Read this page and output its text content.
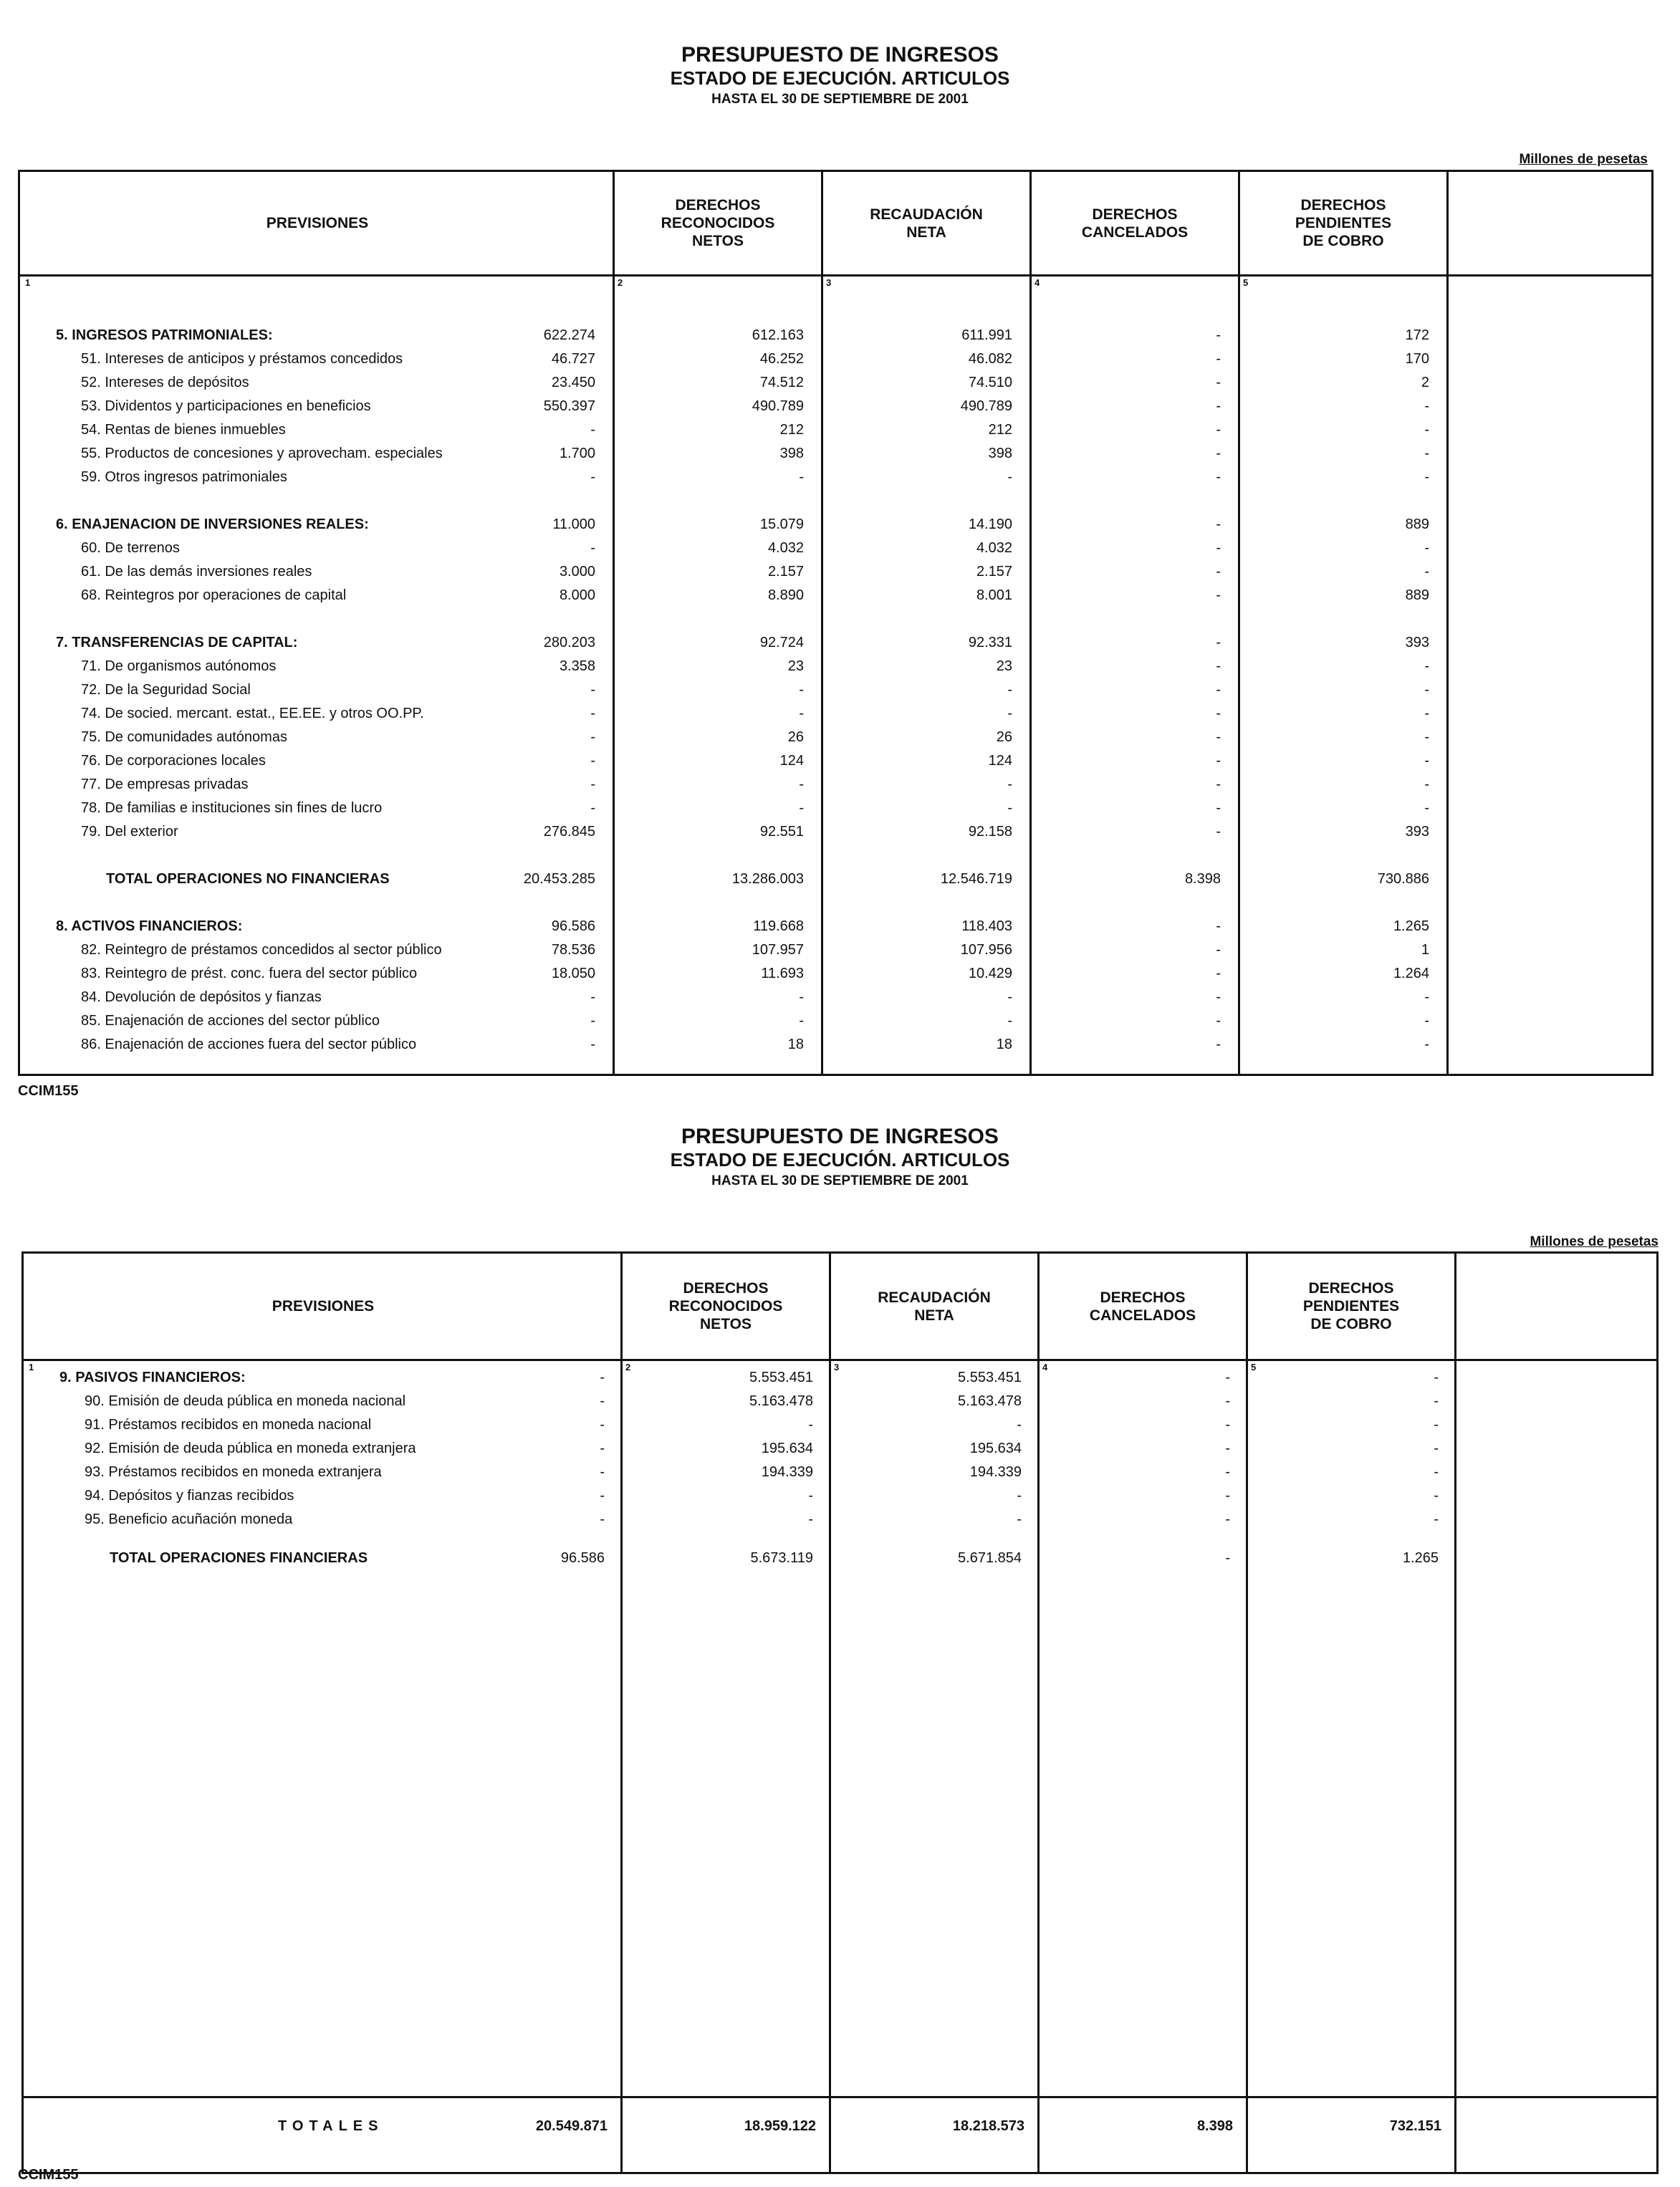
PRESUPUESTO DE INGRESOS
ESTADO DE EJECUCIÓN. ARTICULOS
HASTA EL 30 DE SEPTIEMBRE DE 2001
Millones de pesetas
PREVISIONES
1
DERECHOS
RECONOCIDOS
NETOS
2
RECAUDACIÓN
NETA
3
DERECHOS
CANCELADOS
4
DERECHOS
PENDIENTES
DE COBRO
5
5. INGRESOS PATRIMONIALES:	622.274	612.163	611.991	-	172
51. Intereses de anticipos y préstamos concedidos	46.727	46.252	46.082	-	170
52. Intereses de depósitos	23.450	74.512	74.510	-	2
53. Dividentos y participaciones en beneficios	550.397	490.789	490.789	-	-
54. Rentas de bienes inmuebles	-	212	212	-	-
55. Productos de concesiones y aprovecham. especiales	1.700	398	398	-	-
59. Otros ingresos patrimoniales	-	-	-	-	-
6. ENAJENACION DE INVERSIONES REALES:	11.000	15.079	14.190	-	889
60. De terrenos	-	4.032	4.032	-	-
61. De las demás inversiones reales	3.000	2.157	2.157	-	-
68. Reintegros por operaciones de capital	8.000	8.890	8.001	-	889
7. TRANSFERENCIAS DE CAPITAL:	280.203	92.724	92.331	-	393
71. De organismos autónomos	3.358	23	23	-	-
72. De la Seguridad Social	-	-	-	-	-
74. De socied. mercant. estat., EE.EE. y otros OO.PP.	-	-	-	-	-
75. De comunidades autónomas	-	26	26	-	-
76. De corporaciones locales	-	124	124	-	-
77. De empresas privadas	-	-	-	-	-
78. De familias e instituciones sin fines de lucro	-	-	-	-	-
79. Del exterior	276.845	92.551	92.158	-	393
TOTAL OPERACIONES NO FINANCIERAS	20.453.285	13.286.003	12.546.719	8.398	730.886
8. ACTIVOS FINANCIEROS:	96.586	119.668	118.403	-	1.265
82. Reintegro de préstamos concedidos al sector público	78.536	107.957	107.956	-	1
83. Reintegro de prést. conc. fuera del sector público	18.050	11.693	10.429	-	1.264
84. Devolución de depósitos y fianzas	-	-	-	-	-
85. Enajenación de acciones del sector público	-	-	-	-	-
86. Enajenación de acciones fuera del sector público	-	18	18	-	-
CCIM155
PRESUPUESTO DE INGRESOS
ESTADO DE EJECUCIÓN. ARTICULOS
HASTA EL 30 DE SEPTIEMBRE DE 2001
Millones de pesetas
PREVISIONES
1
DERECHOS
RECONOCIDOS
NETOS
2
RECAUDACIÓN
NETA
3
DERECHOS
CANCELADOS
4
DERECHOS
PENDIENTES
DE COBRO
5
9. PASIVOS FINANCIEROS:	-	5.553.451	5.553.451	-	-
90. Emisión de deuda pública en moneda nacional	-	5.163.478	5.163.478	-	-
91. Préstamos recibidos en moneda nacional	-	-	-	-	-
92. Emisión de deuda pública en moneda extranjera	-	195.634	195.634	-	-
93. Préstamos recibidos en moneda extranjera	-	194.339	194.339	-	-
94. Depósitos y fianzas recibidos	-	-	-	-	-
95. Beneficio acuñación moneda	-	-	-	-	-
TOTAL OPERACIONES FINANCIERAS	96.586	5.673.119	5.671.854	-	1.265
TOTALES	20.549.871	18.959.122	18.218.573	8.398	732.151
CCIM155
